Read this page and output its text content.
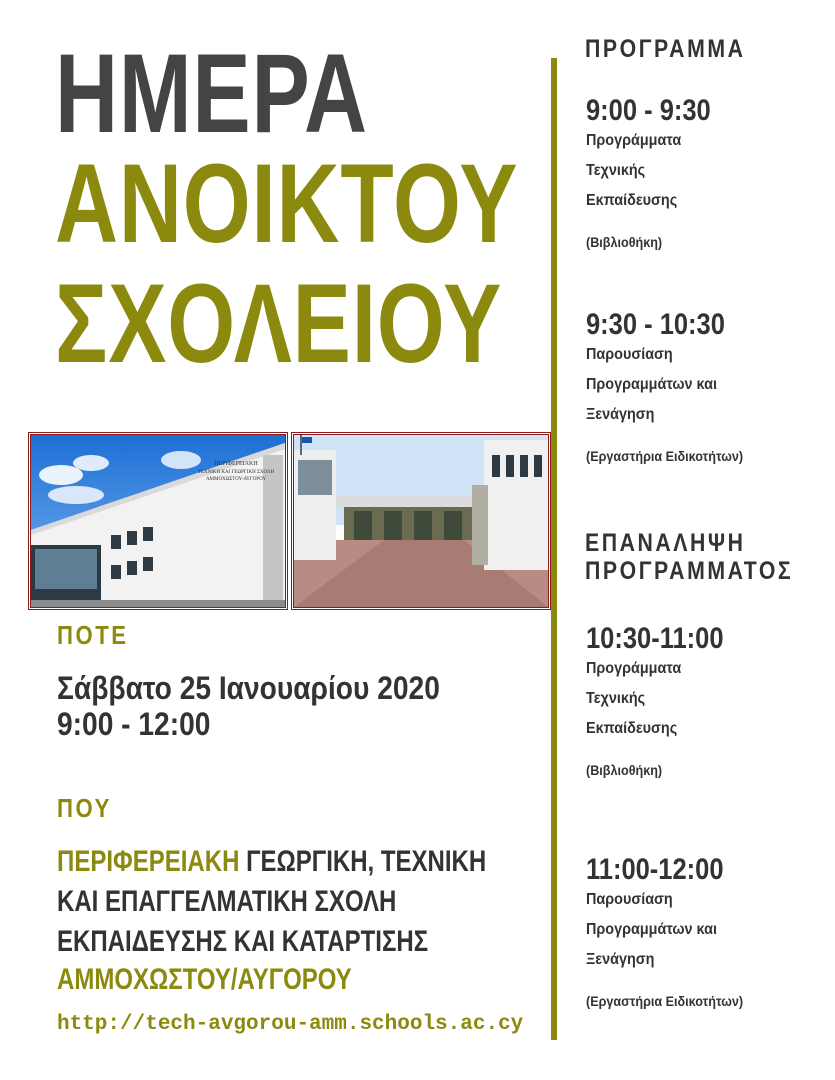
ΗΜΕΡΑ
ΑΝΟΙΚΤΟΥ
ΣΧΟΛΕΙΟΥ
ΠΕΡΙΦΕΡΕΙΑΚΗ
ΤΕΧΝΙΚΗ ΚΑΙ ΓΕΩΡΓΙΚΗ ΣΧΟΛΗ
ΑΜΜΟΧΩΣΤΟΥ-ΑΥΓΟΡΟΥ
ΠΟΤΕ
Σάββατο 25 Ιανουαρίου 2020
9:00 - 12:00
ΠΟΥ
ΠΕΡΙΦΕΡΕΙΑΚΗ ΓΕΩΡΓΙΚΗ, ΤΕΧΝΙΚΗ
ΚΑΙ ΕΠΑΓΓΕΛΜΑΤΙΚΗ ΣΧΟΛΗ
ΕΚΠΑΙΔΕΥΣΗΣ ΚΑΙ ΚΑΤΑΡΤΙΣΗΣ
ΑΜΜΟΧΩΣΤΟΥ/ΑΥΓΟΡΟΥ
http://tech-avgorou-amm.schools.ac.cy
ΠΡΟΓΡΑΜΜΑ
9:00 - 9:30
Προγράμματα
Τεχνικής
Εκπαίδευσης
(Βιβλιοθήκη)
9:30 - 10:30
Παρουσίαση
Προγραμμάτων και
Ξενάγηση
(Εργαστήρια Ειδικοτήτων)
ΕΠΑΝΑΛΗΨΗ
ΠΡΟΓΡΑΜΜΑΤΟΣ
10:30-11:00
Προγράμματα
Τεχνικής
Εκπαίδευσης
(Βιβλιοθήκη)
11:00-12:00
Παρουσίαση
Προγραμμάτων και
Ξενάγηση
(Εργαστήρια Ειδικοτήτων)
